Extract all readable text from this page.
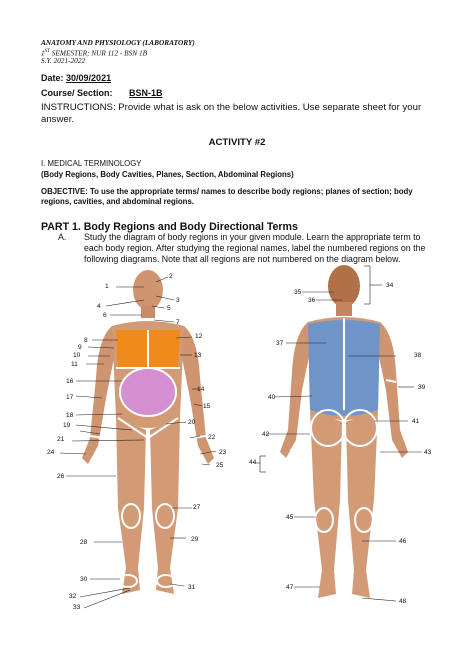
ANATOMY AND PHYSIOLOGY (LABORATORY)
1ST SEMESTER; NUR 112 - BSN 1B
S.Y. 2021-2022
Date: 30/09/2021
Course/ Section: BSN-1B
INSTRUCTIONS: Provide what is ask on the below activities. Use separate sheet for your answer.
ACTIVITY #2
I. MEDICAL TERMINOLOGY
(Body Regions, Body Cavities, Planes, Section, Abdominal Regions)
OBJECTIVE: To use the appropriate terms/ names to describe body regions; planes of section; body regions, cavities, and abdominal regions.
PART 1. Body Regions and Body Directional Terms
A. Study the diagram of body regions in your given module. Learn the appropriate term to each body region. After studying the regional names, label the numbered regions on the following diagrams. Note that all regions are not numbered on the diagram below.
1
2
3
4	5
6
7
8
12
9
10	13
11
16
14
17
15
18
19	20
21	22
24	23
25
26
27
28	29
30
31
32
33
34
35
36
37
38
39
40
41
42
43
44
45
46
47
48
